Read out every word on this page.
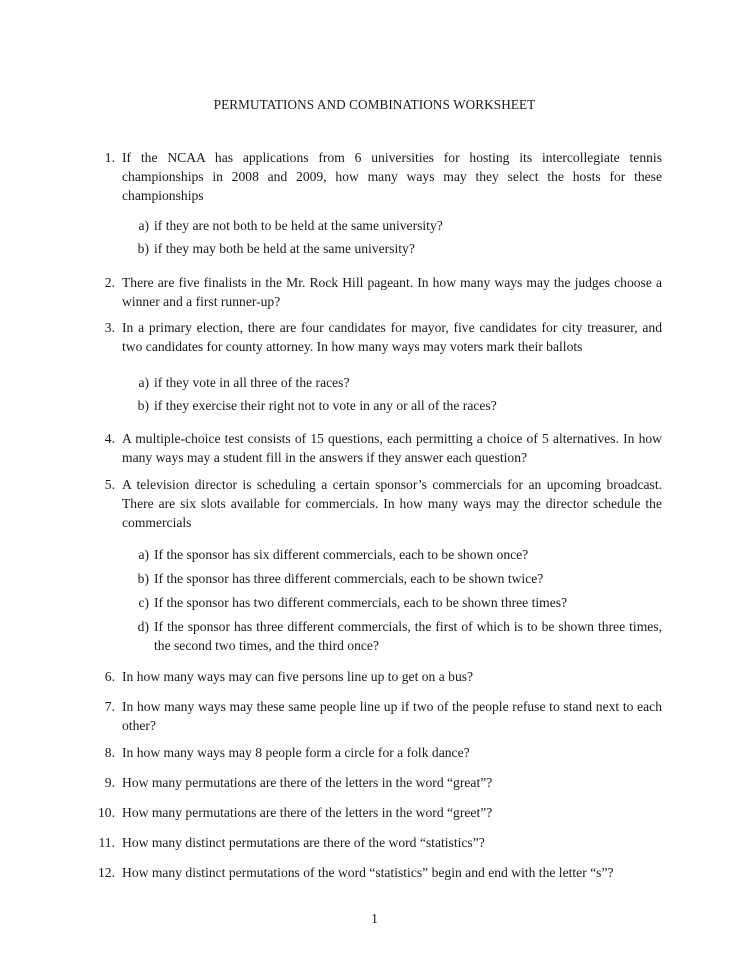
PERMUTATIONS AND COMBINATIONS WORKSHEET
1. If the NCAA has applications from 6 universities for hosting its intercollegiate tennis championships in 2008 and 2009, how many ways may they select the hosts for these championships
a) if they are not both to be held at the same university?
b) if they may both be held at the same university?
2. There are five finalists in the Mr. Rock Hill pageant. In how many ways may the judges choose a winner and a first runner-up?
3. In a primary election, there are four candidates for mayor, five candidates for city treasurer, and two candidates for county attorney. In how many ways may voters mark their ballots
a) if they vote in all three of the races?
b) if they exercise their right not to vote in any or all of the races?
4. A multiple-choice test consists of 15 questions, each permitting a choice of 5 alternatives. In how many ways may a student fill in the answers if they answer each question?
5. A television director is scheduling a certain sponsor’s commercials for an upcoming broadcast. There are six slots available for commercials. In how many ways may the director schedule the commercials
a) If the sponsor has six different commercials, each to be shown once?
b) If the sponsor has three different commercials, each to be shown twice?
c) If the sponsor has two different commercials, each to be shown three times?
d) If the sponsor has three different commercials, the first of which is to be shown three times, the second two times, and the third once?
6. In how many ways may can five persons line up to get on a bus?
7. In how many ways may these same people line up if two of the people refuse to stand next to each other?
8. In how many ways may 8 people form a circle for a folk dance?
9. How many permutations are there of the letters in the word “great”?
10. How many permutations are there of the letters in the word “greet”?
11. How many distinct permutations are there of the word “statistics”?
12. How many distinct permutations of the word “statistics” begin and end with the letter “s”?
1
